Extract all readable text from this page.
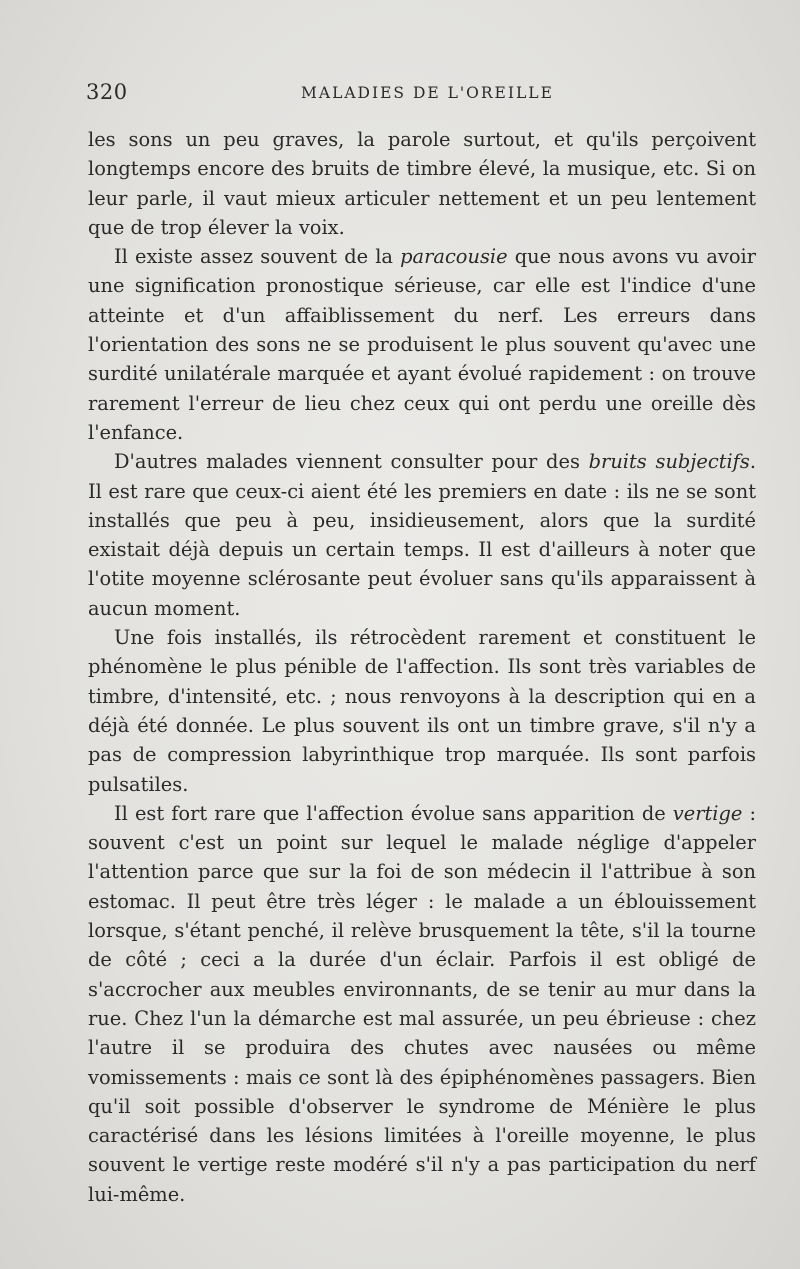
320	MALADIES DE L'OREILLE

les sons un peu graves, la parole surtout, et qu'ils perçoivent longtemps encore des bruits de timbre élevé, la musique, etc. Si on leur parle, il vaut mieux articuler nettement et un peu lentement que de trop élever la voix.

Il existe assez souvent de la paracousie que nous avons vu avoir une signification pronostique sérieuse, car elle est l'indice d'une atteinte et d'un affaiblissement du nerf. Les erreurs dans l'orientation des sons ne se produisent le plus souvent qu'avec une surdité unilatérale marquée et ayant évolué rapidement : on trouve rarement l'erreur de lieu chez ceux qui ont perdu une oreille dès l'enfance.

D'autres malades viennent consulter pour des bruits subjectifs. Il est rare que ceux-ci aient été les premiers en date : ils ne se sont installés que peu à peu, insidieusement, alors que la surdité existait déjà depuis un certain temps. Il est d'ailleurs à noter que l'otite moyenne sclérosante peut évoluer sans qu'ils apparaissent à aucun moment.

Une fois installés, ils rétrocèdent rarement et constituent le phénomène le plus pénible de l'affection. Ils sont très variables de timbre, d'intensité, etc. ; nous renvoyons à la description qui en a déjà été donnée. Le plus souvent ils ont un timbre grave, s'il n'y a pas de compression labyrinthique trop marquée. Ils sont parfois pulsatiles.

Il est fort rare que l'affection évolue sans apparition de vertige : souvent c'est un point sur lequel le malade néglige d'appeler l'attention parce que sur la foi de son médecin il l'attribue à son estomac. Il peut être très léger : le malade a un éblouissement lorsque, s'étant penché, il relève brusquement la tête, s'il la tourne de côté ; ceci a la durée d'un éclair. Parfois il est obligé de s'accrocher aux meubles environnants, de se tenir au mur dans la rue. Chez l'un la démarche est mal assurée, un peu ébrieuse : chez l'autre il se produira des chutes avec nausées ou même vomissements : mais ce sont là des épiphénomènes passagers. Bien qu'il soit possible d'observer le syndrome de Ménière le plus caractérisé dans les lésions limitées à l'oreille moyenne, le plus souvent le vertige reste modéré s'il n'y a pas participation du nerf lui-même.
